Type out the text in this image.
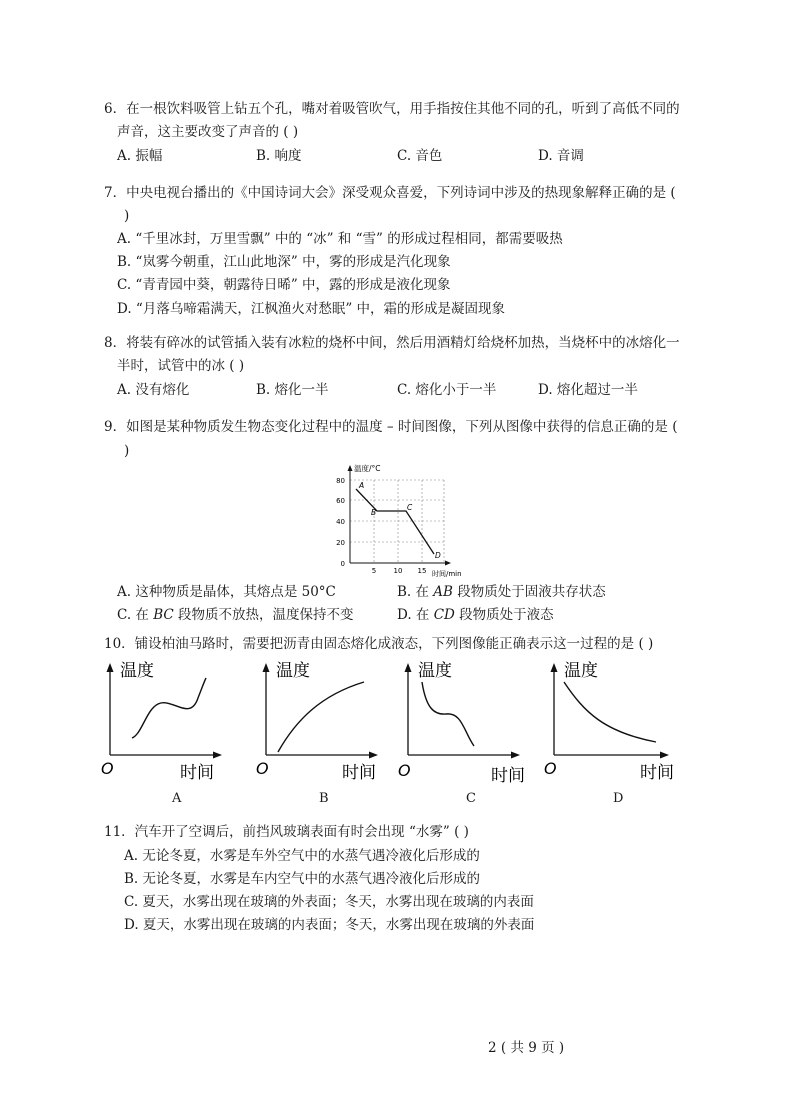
6．在一根饮料吸管上钻五个孔，嘴对着吸管吹气，用手指按住其他不同的孔，听到了高低不同的
声音，这主要改变了声音的 ( )
A. 振幅	B. 响度	C. 音色	D. 音调
7．中央电视台播出的《中国诗词大会》深受观众喜爱，下列诗词中涉及的热现象解释正确的是 (
)
A. “千里冰封，万里雪飘” 中的 “冰” 和 “雪” 的形成过程相同，都需要吸热
B. “岚雾今朝重，江山此地深” 中，雾的形成是汽化现象
C. “青青园中葵，朝露待日晞” 中，露的形成是液化现象
D. “月落乌啼霜满天，江枫渔火对愁眠” 中，霜的形成是凝固现象
8．将装有碎冰的试管插入装有冰粒的烧杯中间，然后用酒精灯给烧杯加热，当烧杯中的冰熔化一
半时，试管中的冰 ( )
A. 没有熔化	B. 熔化一半	C. 熔化小于一半	D. 熔化超过一半
9．如图是某种物质发生物态变化过程中的温度 – 时间图像，下列从图像中获得的信息正确的是 (
)
80
60
40
20
0
5 10 15
温度/°C
时间/min
A
B
C
D
A. 这种物质是晶体，其熔点是 50°C	B. 在 AB 段物质处于固液共存状态
C. 在 BC 段物质不放热，温度保持不变	D. 在 CD 段物质处于液态
10．铺设柏油马路时，需要把沥青由固态熔化成液态，下列图像能正确表示这一过程的是 ( )
温度
时间
O
A
温度
时间
O
B
温度
时间
O
C
温度
时间
O
D
11．汽车开了空调后，前挡风玻璃表面有时会出现 “水雾” ( )
A. 无论冬夏，水雾是车外空气中的水蒸气遇冷液化后形成的
B. 无论冬夏，水雾是车内空气中的水蒸气遇冷液化后形成的
C. 夏天，水雾出现在玻璃的外表面；冬天，水雾出现在玻璃的内表面
D. 夏天，水雾出现在玻璃的内表面；冬天，水雾出现在玻璃的外表面
2 ( 共 9 页 )
